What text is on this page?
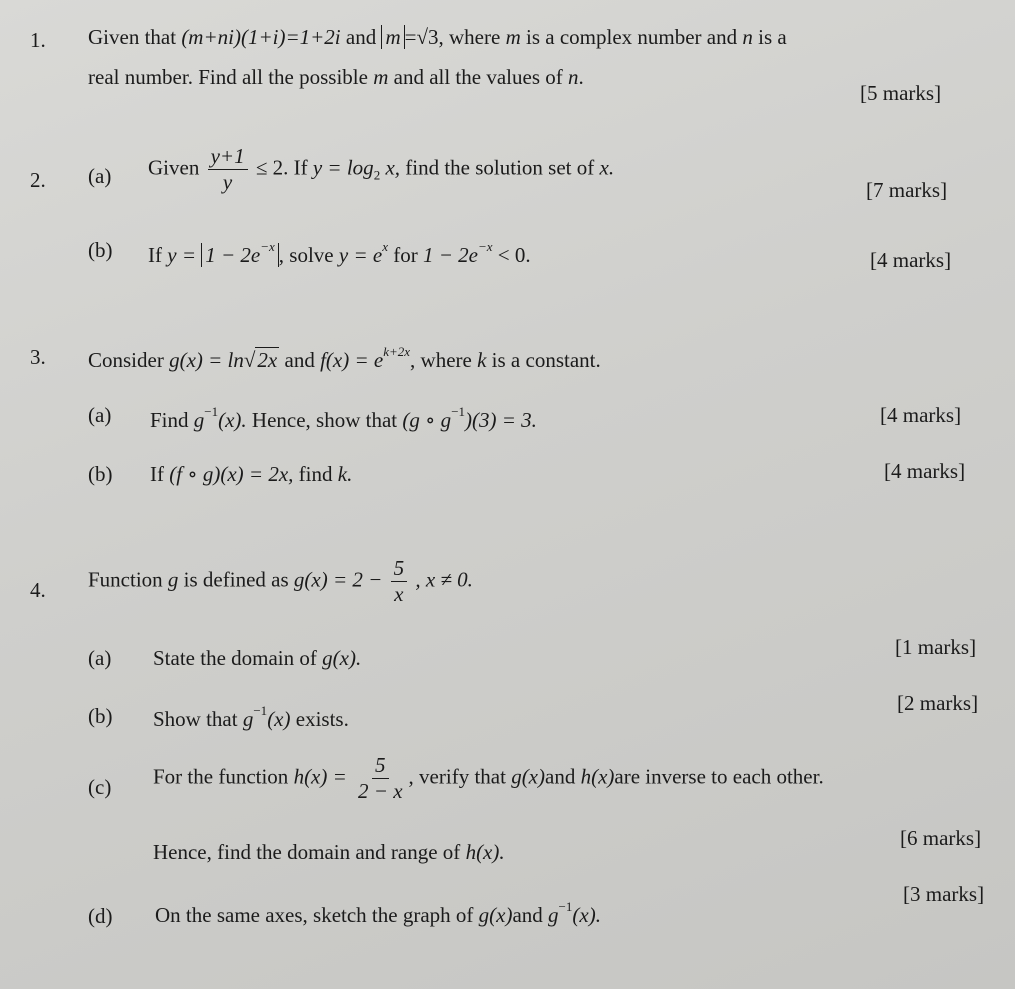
1. Given that (m+ni)(1+i)=1+2i and m =√3, where m is a complex number and n is a
real number. Find all the possible m and all the values of n.
[5 marks]
2. (a) Given $\frac{y+1}{y} \le 2$. If $y = \log_2 x$, find the solution set of x.
[7 marks]
(b) If $y = 1 - 2e^{-x}$ , solve $y = e^x$ for $1 - 2e^{-x} < 0$.	[4 marks]
3. Consider g(x) = ln√2x and $f(x) = e^{k+2x}$, where k is a constant.
(a) Find $g^{-1}(x)$. Hence, show that (g ∘ $g^{-1})(3) = 3$.	[4 marks]
(b) If (f ∘ g)(x) = 2x, find k.	[4 marks]
4. Function g is defined as $g(x) = 2 - \frac{5}{x}$ , x ≠ 0.
(a) State the domain of g(x).	[1 marks]
(b) Show that $g^{-1}(x)$ exists.
[2 marks]
(c) For the function $h(x) = \frac{5}{2 - x}$ , verify that g(x)and h(x)are inverse to each other.
Hence, find the domain and range of h(x).
[6 marks]
(d) On the same axes, sketch the graph of g(x)and $g^{-1}(x)$.
[3 marks]
